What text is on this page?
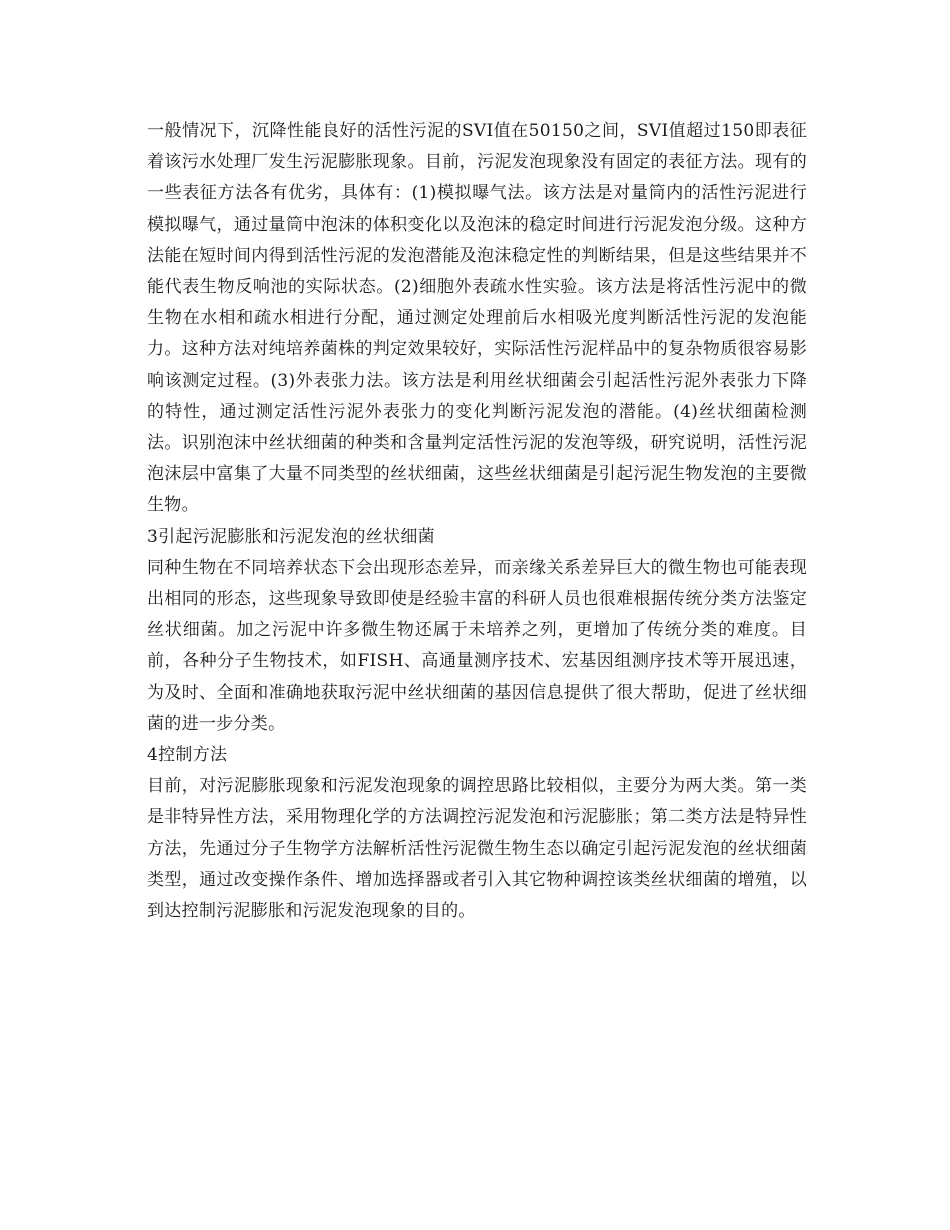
一般情况下，沉降性能良好的活性污泥的SVI值在50150之间，SVI值超过150即表征着该污水处理厂发生污泥膨胀现象。目前，污泥发泡现象没有固定的表征方法。现有的一些表征方法各有优劣，具体有：(1)模拟曝气法。该方法是对量筒内的活性污泥进行模拟曝气，通过量筒中泡沫的体积变化以及泡沫的稳定时间进行污泥发泡分级。这种方法能在短时间内得到活性污泥的发泡潜能及泡沫稳定性的判断结果，但是这些结果并不能代表生物反响池的实际状态。(2)细胞外表疏水性实验。该方法是将活性污泥中的微生物在水相和疏水相进行分配，通过测定处理前后水相吸光度判断活性污泥的发泡能力。这种方法对纯培养菌株的判定效果较好，实际活性污泥样品中的复杂物质很容易影响该测定过程。(3)外表张力法。该方法是利用丝状细菌会引起活性污泥外表张力下降的特性，通过测定活性污泥外表张力的变化判断污泥发泡的潜能。(4)丝状细菌检测法。识别泡沫中丝状细菌的种类和含量判定活性污泥的发泡等级，研究说明，活性污泥泡沫层中富集了大量不同类型的丝状细菌，这些丝状细菌是引起污泥生物发泡的主要微生物。

3引起污泥膨胀和污泥发泡的丝状细菌

同种生物在不同培养状态下会出现形态差异，而亲缘关系差异巨大的微生物也可能表现出相同的形态，这些现象导致即使是经验丰富的科研人员也很难根据传统分类方法鉴定丝状细菌。加之污泥中许多微生物还属于未培养之列，更增加了传统分类的难度。目前，各种分子生物技术，如FISH、高通量测序技术、宏基因组测序技术等开展迅速，为及时、全面和准确地获取污泥中丝状细菌的基因信息提供了很大帮助，促进了丝状细菌的进一步分类。

4控制方法

目前，对污泥膨胀现象和污泥发泡现象的调控思路比较相似，主要分为两大类。第一类是非特异性方法，采用物理化学的方法调控污泥发泡和污泥膨胀；第二类方法是特异性方法，先通过分子生物学方法解析活性污泥微生物生态以确定引起污泥发泡的丝状细菌类型，通过改变操作条件、增加选择器或者引入其它物种调控该类丝状细菌的增殖，以到达控制污泥膨胀和污泥发泡现象的目的。
